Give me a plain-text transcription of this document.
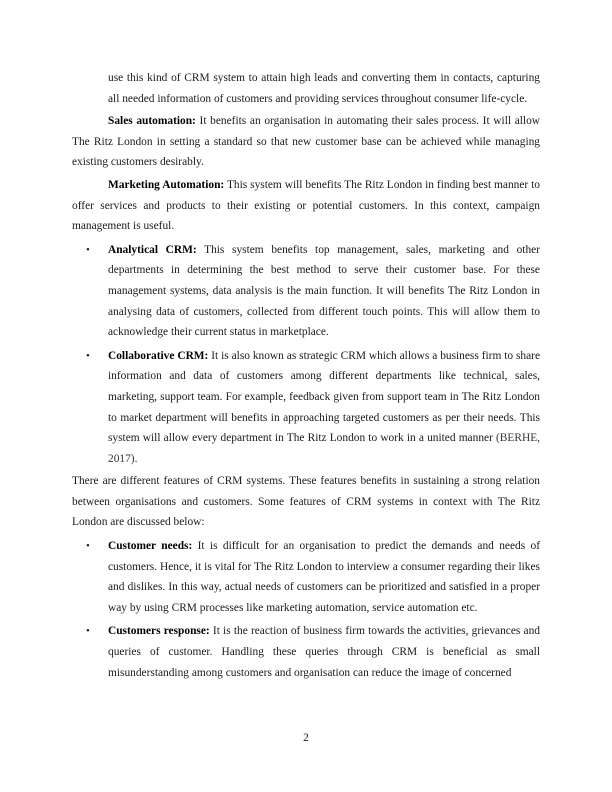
use this kind of CRM system to attain high leads and converting them in contacts, capturing all needed information of customers and providing services throughout consumer life-cycle.

Sales automation: It benefits an organisation in automating their sales process. It will allow The Ritz London in setting a standard so that new customer base can be achieved while managing existing customers desirably.

Marketing Automation: This system will benefits The Ritz London in finding best manner to offer services and products to their existing or potential customers. In this context, campaign management is useful.

• Analytical CRM: This system benefits top management, sales, marketing and other departments in determining the best method to serve their customer base. For these management systems, data analysis is the main function. It will benefits The Ritz London in analysing data of customers, collected from different touch points. This will allow them to acknowledge their current status in marketplace.
• Collaborative CRM: It is also known as strategic CRM which allows a business firm to share information and data of customers among different departments like technical, sales, marketing, support team. For example, feedback given from support team in The Ritz London to market department will benefits in approaching targeted customers as per their needs. This system will allow every department in The Ritz London to work in a united manner (BERHE, 2017).

There are different features of CRM systems. These features benefits in sustaining a strong relation between organisations and customers. Some features of CRM systems in context with The Ritz London are discussed below:

• Customer needs: It is difficult for an organisation to predict the demands and needs of customers. Hence, it is vital for The Ritz London to interview a consumer regarding their likes and dislikes. In this way, actual needs of customers can be prioritized and satisfied in a proper way by using CRM processes like marketing automation, service automation etc.
• Customers response: It is the reaction of business firm towards the activities, grievances and queries of customer. Handling these queries through CRM is beneficial as small misunderstanding among customers and organisation can reduce the image of concerned
2
